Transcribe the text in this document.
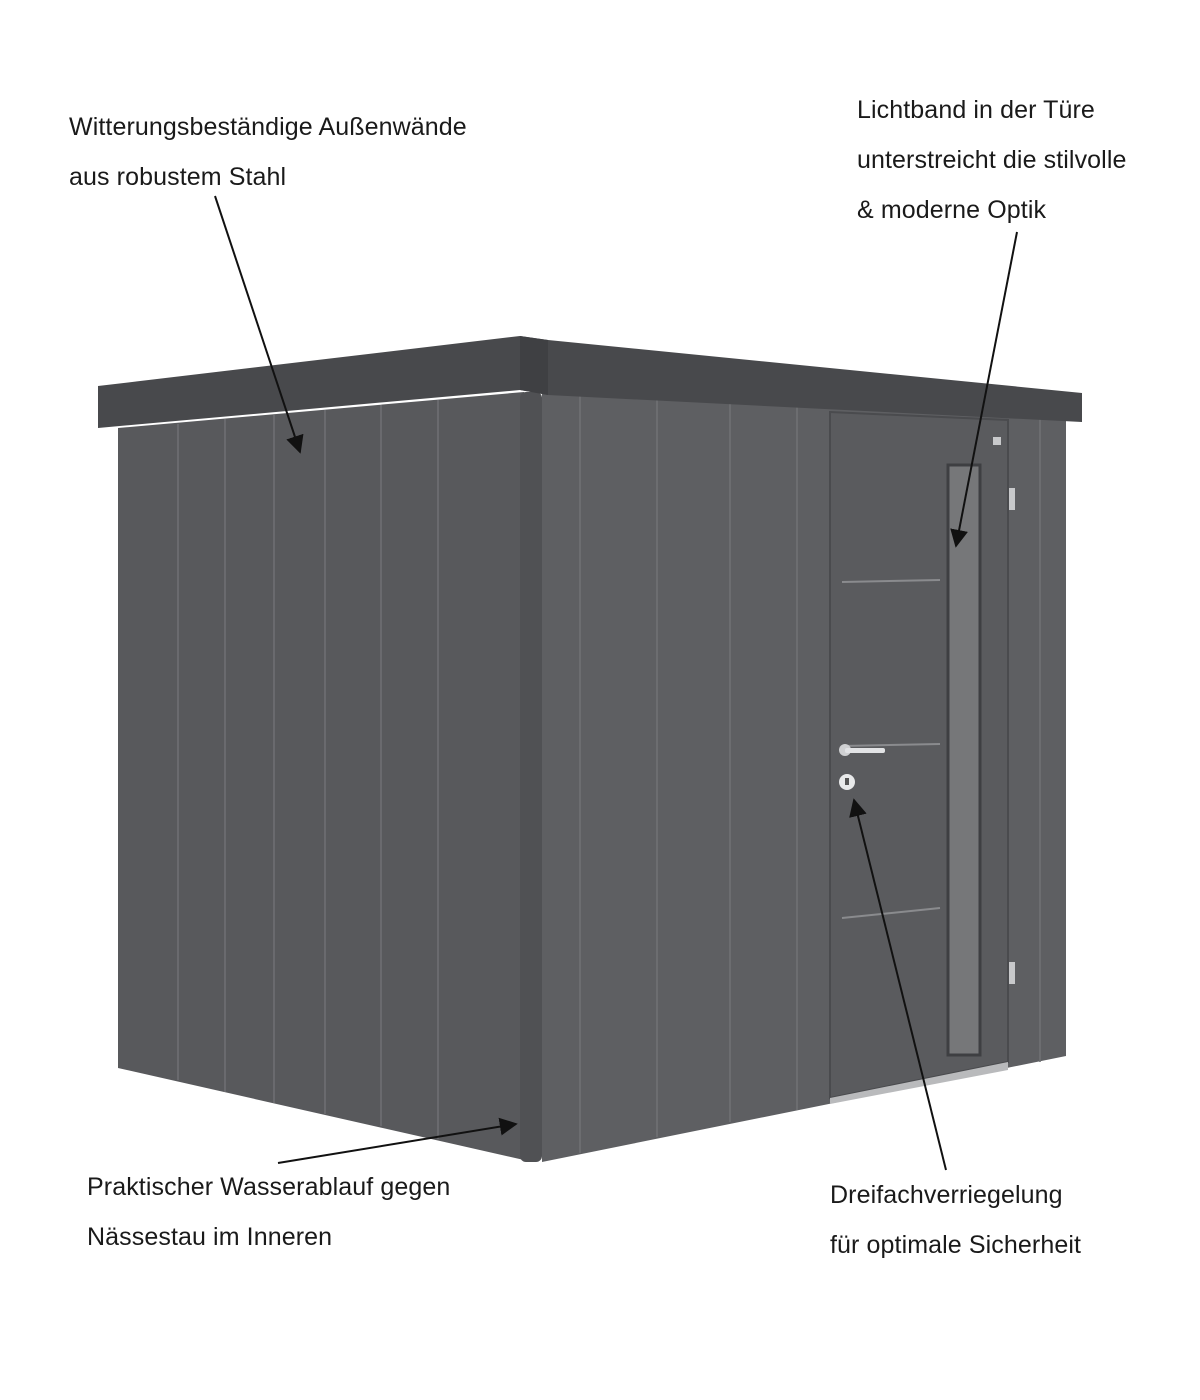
Witterungsbeständige Außenwände
aus robustem Stahl
Lichtband in der Türe
unterstreicht die stilvolle
& moderne Optik
Praktischer Wasserablauf gegen
Nässestau im Inneren
Dreifachverriegelung
für optimale Sicherheit
